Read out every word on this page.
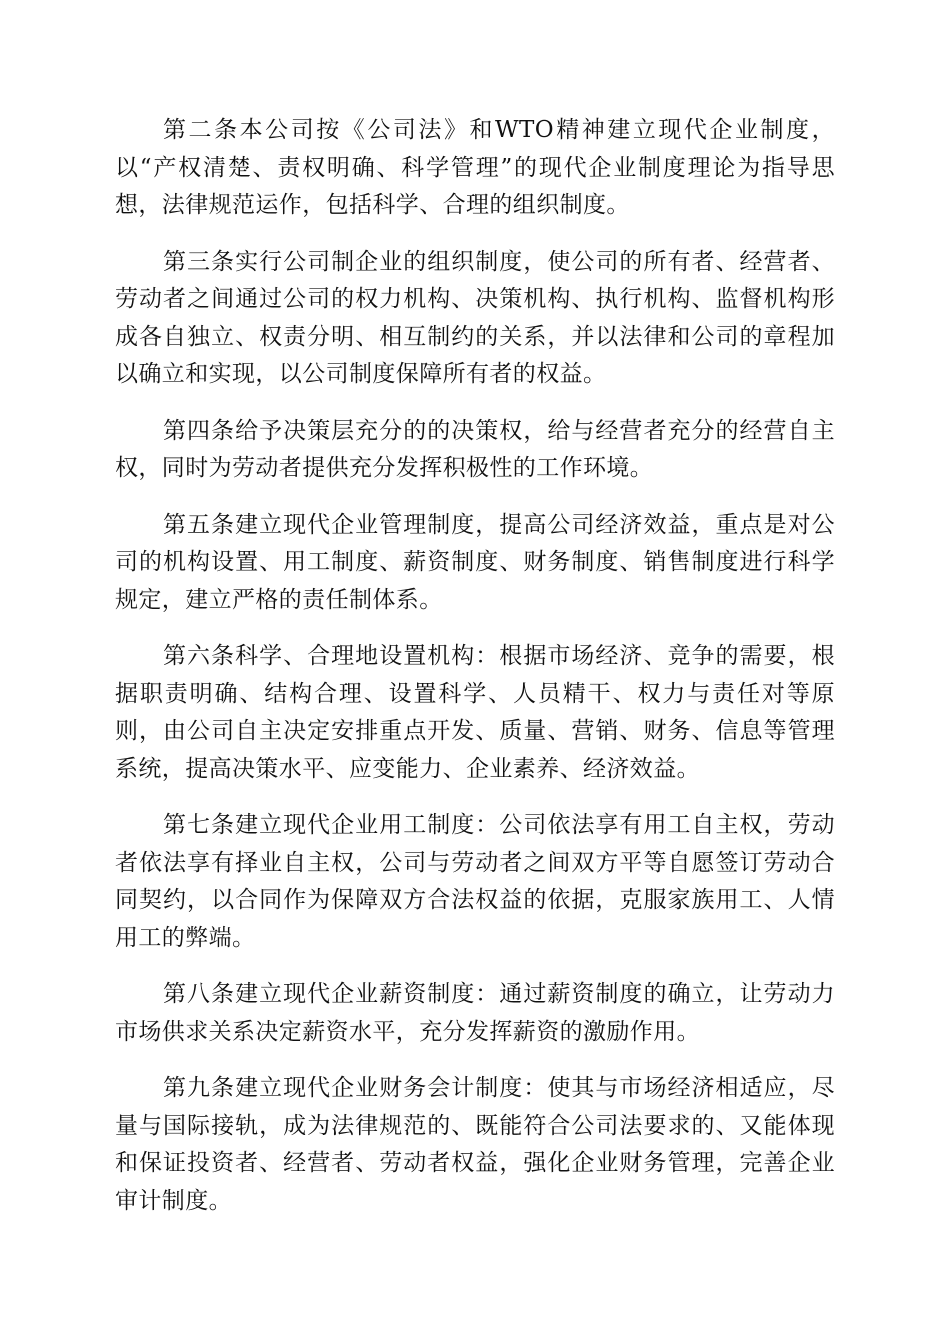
第二条本公司按《公司法》和WTO精神建立现代企业制度，以“产权清楚、责权明确、科学管理”的现代企业制度理论为指导思想，法律规范运作，包括科学、合理的组织制度。

第三条实行公司制企业的组织制度，使公司的所有者、经营者、劳动者之间通过公司的权力机构、决策机构、执行机构、监督机构形成各自独立、权责分明、相互制约的关系，并以法律和公司的章程加以确立和实现，以公司制度保障所有者的权益。

第四条给予决策层充分的的决策权，给与经营者充分的经营自主权，同时为劳动者提供充分发挥积极性的工作环境。

第五条建立现代企业管理制度，提高公司经济效益，重点是对公司的机构设置、用工制度、薪资制度、财务制度、销售制度进行科学规定，建立严格的责任制体系。

第六条科学、合理地设置机构：根据市场经济、竞争的需要，根据职责明确、结构合理、设置科学、人员精干、权力与责任对等原则，由公司自主决定安排重点开发、质量、营销、财务、信息等管理系统，提高决策水平、应变能力、企业素养、经济效益。

第七条建立现代企业用工制度：公司依法享有用工自主权，劳动者依法享有择业自主权，公司与劳动者之间双方平等自愿签订劳动合同契约，以合同作为保障双方合法权益的依据，克服家族用工、人情用工的弊端。

第八条建立现代企业薪资制度：通过薪资制度的确立，让劳动力市场供求关系决定薪资水平，充分发挥薪资的激励作用。

第九条建立现代企业财务会计制度：使其与市场经济相适应，尽量与国际接轨，成为法律规范的、既能符合公司法要求的、又能体现和保证投资者、经营者、劳动者权益，强化企业财务管理，完善企业审计制度。
